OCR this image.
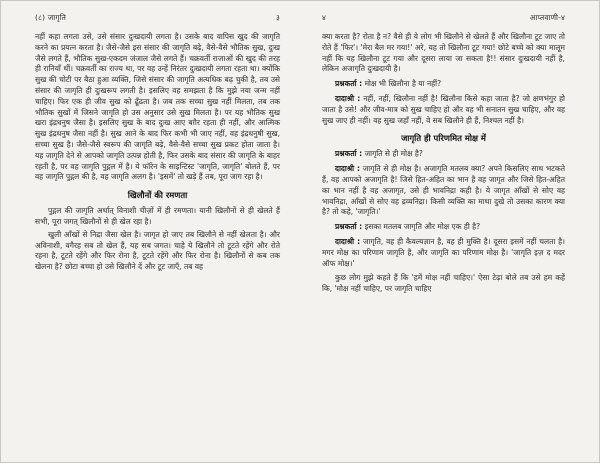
(८) जागृति	३

नहीं कहा लगता उसे, उसे संसार दुःखदायी लगता है। उसके बाद वापिस खुद की जागृति करने का प्रयत्न करता है। जैसे-जैसे इस संसार की जागृति बढ़े, वैसे-वैसे भौतिक सुख, दुःख जैसे लगते हैं, भौतिक सुख-एकदम जंजाल जैसे लगते हैं। चक्रवर्ती राजाओं की खुद की तरह ही रानियाँ थीं। चक्रवर्ती का राज्य था, पर वह उन्हें निरंतर दुःखदायी लगता रहता था। क्योंकि सुख की चोटी पर बैठा हुआ व्यक्ति, जिसे संसार की जागृति अत्यधिक बढ़ चुकी है, तब उसे संसार की जागृति ही दुःखरूप लगती है। इसलिए वह समझता है कि मुझे नया जन्म नहीं चाहिए। फिर एक ही जीव सुख को ढूँढता है। जब तक सच्चा सुख नहीं मिलता, तब तक भौतिक सुखों में जिसने जागृति हो उस अनुसार उसे सुख मिलता है। पर यह भौतिक सुख खरा इंद्रधनुष जैसा है। इसलिए सुख के बाद दुःख आए बग़ैर रहता ही नहीं, और आत्मिक सुख इंद्रधनुष जैसा नहीं है। सुख आने के बाद फिर कभी भी जाए नहीं, वह इंद्रधनुषी सुख, सच्चा सुख है। जैसे-जैसे स्वरूप की जागृति बढ़े, वैसे-वैसे सच्चा सुख प्रकट होता जाता है। यह जागृति देने से आपको जागृति उत्पन्न होती है, फिर उसके बाद संसार की जागृति के बाहर रहती है, पर वह जागृति पुद्गल में है। ये फॉरेन के साइन्टिस्ट 'जागृति, जागृति' बोलते हैं, पर वह जागृति पुद्गल की है, वह जागृति अलग है। 'इसमें' तो खड़े हैं तब, पूरा जाग रहा है।

खिलौनों की रमणता

पुद्गल की जागृति अर्थात् विनाशी चीज़ों में ही रमणता। यानी खिलौनों से ही खेलते हैं सभी, पूरा जगत् खिलौनों से ही खेल रहा है।

खुली आँखों से निद्रा जैसा खेल है। जागृत हो जाए तब खिलौने से नहीं खेलता है। और अविनाशी, वगैरह सब तो खेल हैं, यह सब जगत। चाहे ये खिलौने तो टूटते रहेंगे और रोते रहना है, टूटते रहेंगे और फिर रोना है, टूटते रहेंगे और फिर रोना है। खिलौनों से कब तक खेलना है? छोटा बच्चा हो उसे खिलौने दें और टूट जाएँ, तब वह

४	आप्तवाणी-४

क्या करता है? रोता है न? वैसे ही ये लोग भी खिलौने से खेलते हैं और खिलौना टूट जाए तो रोते हैं 'फिर'। 'मेरा बैल मर गया!' अरे, यह तो खिलौना टूट गया! छोटे बच्चे को क्या मालूम नहीं कि यह खिलौना टूट गया और दूसरा लाया जा सकता है!! संसार दुःखदायी नहीं है, लेकिन अजागृति दुःखदायी है।

प्रश्नकर्ता : मोक्ष भी खिलौना है या नहीं?

दादाश्री : नहीं, नहीं, खिलौना नहीं है! खिलौना किसे कहा जाता है? जो क्षणभंगुर हो जाता है उसे! और जीव-मात्र को सुख चाहिए हो और वह भी सनातन सुख चाहिए, और वह सुख जाए ही नहीं। वह सुख जहाँ नहीं, वे सब खिलौने ही हैं, निश्चल नहीं है।

जागृति ही परिणमित मोक्ष में

प्रश्नकर्ता : जागृति से ही मोक्ष है?

दादाश्री : जागृति से ही मोक्ष है। अजागृति मतलब क्या? अपने किसलिए साथ भटकते हैं, वह आपको अजागृति है! जिसे हित-अहित का भान है वह जागृत और जिसे हित-अहित का भान नहीं है वह अजागृत, उसे ही भावनिद्रा कही है। ये जागृत आँखों से सोए वह भावनिद्रा, आँखों से सोए वह द्रव्यनिद्रा। किसी व्यक्ति का माथा दुखे तो उसका कारण क्या है? तो कहे, 'जागृति।'

प्रश्नकर्ता : इसका मतलब जागृति और मोक्ष एक ही है?

दादाश्री : जागृति, वह ही कैवल्यज्ञान है, वह ही मुक्ति है। दूसरा इसमें नहीं चलता है। मगर मोक्ष का परिणाम जागृति है, और जागृति का परिणाम मोक्ष है। 'जागृति इज़ द मदर ऑफ मोक्ष।'

कुछ लोग मुझे कहते हैं कि 'हमें मोक्ष नहीं चाहिए।' ऐसा टेढ़ा बोले तब उसे हम कहें कि, 'मोक्ष नहीं चाहिए, पर जागृति चाहिए
